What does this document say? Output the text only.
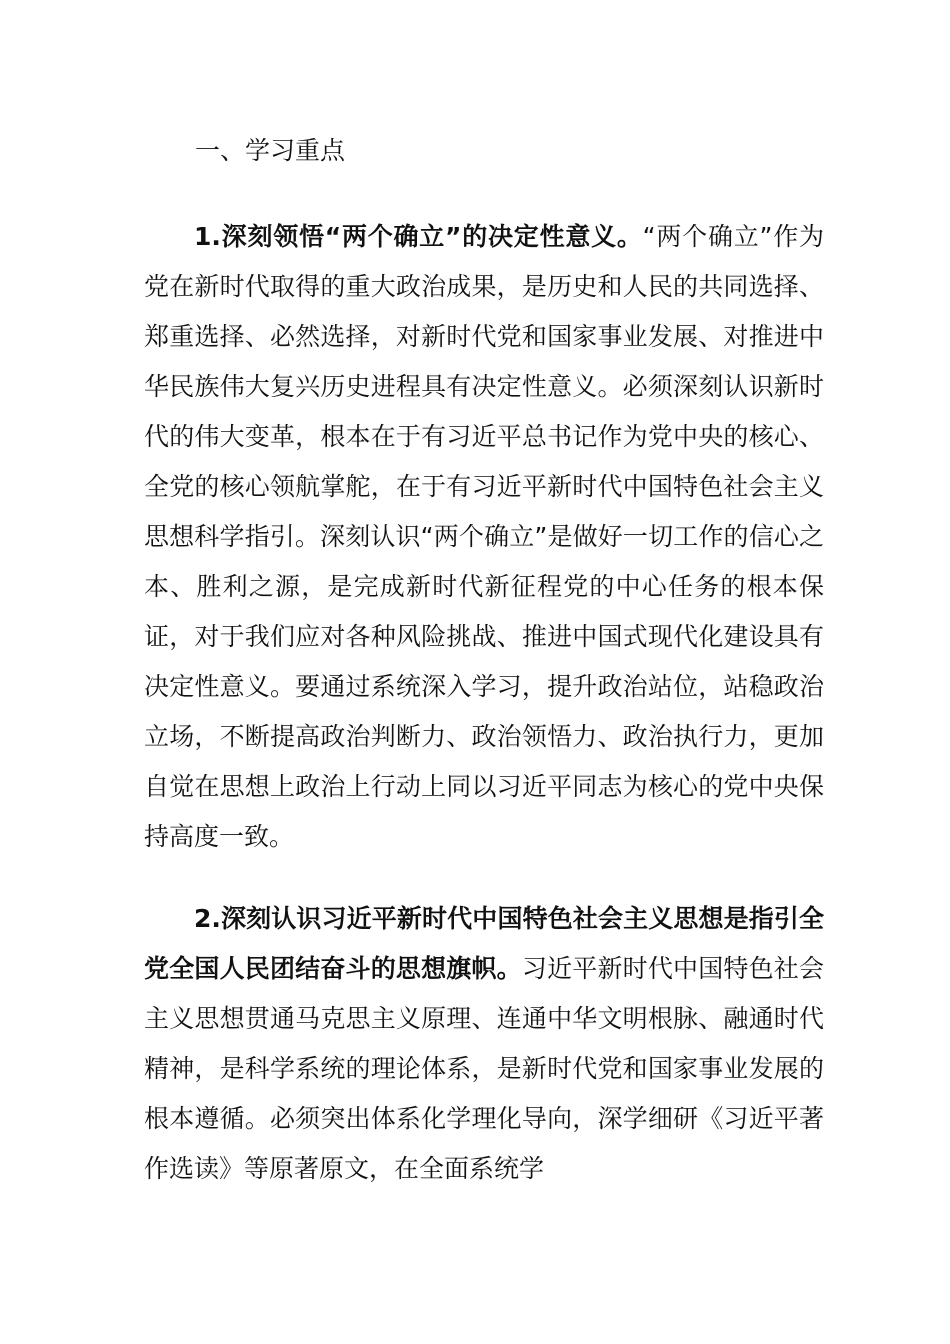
一、学习重点

1.深刻领悟“两个确立”的决定性意义。“两个确立”作为党在新时代取得的重大政治成果，是历史和人民的共同选择、郑重选择、必然选择，对新时代党和国家事业发展、对推进中华民族伟大复兴历史进程具有决定性意义。必须深刻认识新时代的伟大变革，根本在于有习近平总书记作为党中央的核心、全党的核心领航掌舵，在于有习近平新时代中国特色社会主义思想科学指引。深刻认识“两个确立”是做好一切工作的信心之本、胜利之源，是完成新时代新征程党的中心任务的根本保证，对于我们应对各种风险挑战、推进中国式现代化建设具有决定性意义。要通过系统深入学习，提升政治站位，站稳政治立场，不断提高政治判断力、政治领悟力、政治执行力，更加自觉在思想上政治上行动上同以习近平同志为核心的党中央保持高度一致。

2.深刻认识习近平新时代中国特色社会主义思想是指引全党全国人民团结奋斗的思想旗帜。习近平新时代中国特色社会主义思想贯通马克思主义原理、连通中华文明根脉、融通时代精神，是科学系统的理论体系，是新时代党和国家事业发展的根本遵循。必须突出体系化学理化导向，深学细研《习近平著作选读》等原著原文，在全面系统学
